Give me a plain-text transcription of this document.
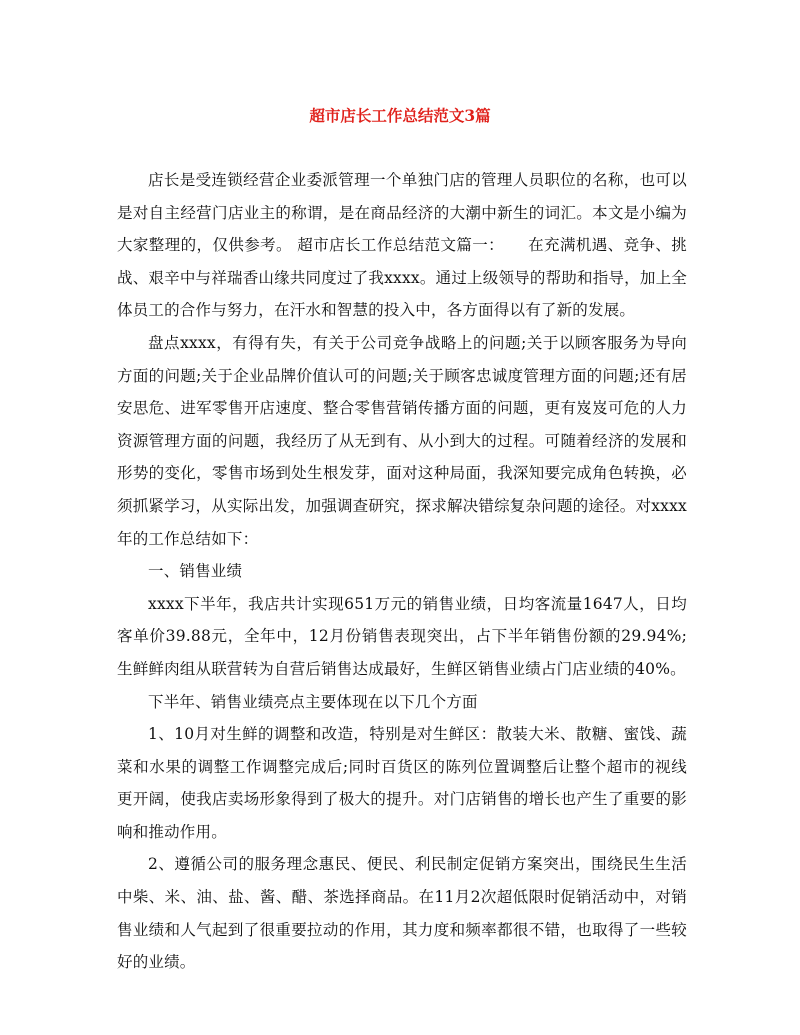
超市店长工作总结范文3篇

店长是受连锁经营企业委派管理一个单独门店的管理人员职位的名称，也可以是对自主经营门店业主的称谓，是在商品经济的大潮中新生的词汇。本文是小编为大家整理的，仅供参考。 超市店长工作总结范文篇一：　　在充满机遇、竞争、挑战、艰辛中与祥瑞香山缘共同度过了我xxxx。通过上级领导的帮助和指导，加上全体员工的合作与努力，在汗水和智慧的投入中，各方面得以有了新的发展。

盘点xxxx，有得有失，有关于公司竞争战略上的问题;关于以顾客服务为导向方面的问题;关于企业品牌价值认可的问题;关于顾客忠诚度管理方面的问题;还有居安思危、进军零售开店速度、整合零售营销传播方面的问题，更有岌岌可危的人力资源管理方面的问题，我经历了从无到有、从小到大的过程。可随着经济的发展和形势的变化，零售市场到处生根发芽，面对这种局面，我深知要完成角色转换，必须抓紧学习，从实际出发，加强调查研究，探求解决错综复杂问题的途径。对xxxx年的工作总结如下：

一、销售业绩

xxxx下半年，我店共计实现651万元的销售业绩，日均客流量1647人，日均客单价39.88元，全年中，12月份销售表现突出，占下半年销售份额的29.94%;生鲜鲜肉组从联营转为自营后销售达成最好，生鲜区销售业绩占门店业绩的40%。

下半年、销售业绩亮点主要体现在以下几个方面

1、10月对生鲜的调整和改造，特别是对生鲜区：散装大米、散糖、蜜饯、蔬菜和水果的调整工作调整完成后;同时百货区的陈列位置调整后让整个超市的视线更开阔，使我店卖场形象得到了极大的提升。对门店销售的增长也产生了重要的影响和推动作用。

2、遵循公司的服务理念惠民、便民、利民制定促销方案突出，围绕民生生活中柴、米、油、盐、酱、醋、茶选择商品。在11月2次超低限时促销活动中，对销售业绩和人气起到了很重要拉动的作用，其力度和频率都很不错，也取得了一些较好的业绩。
